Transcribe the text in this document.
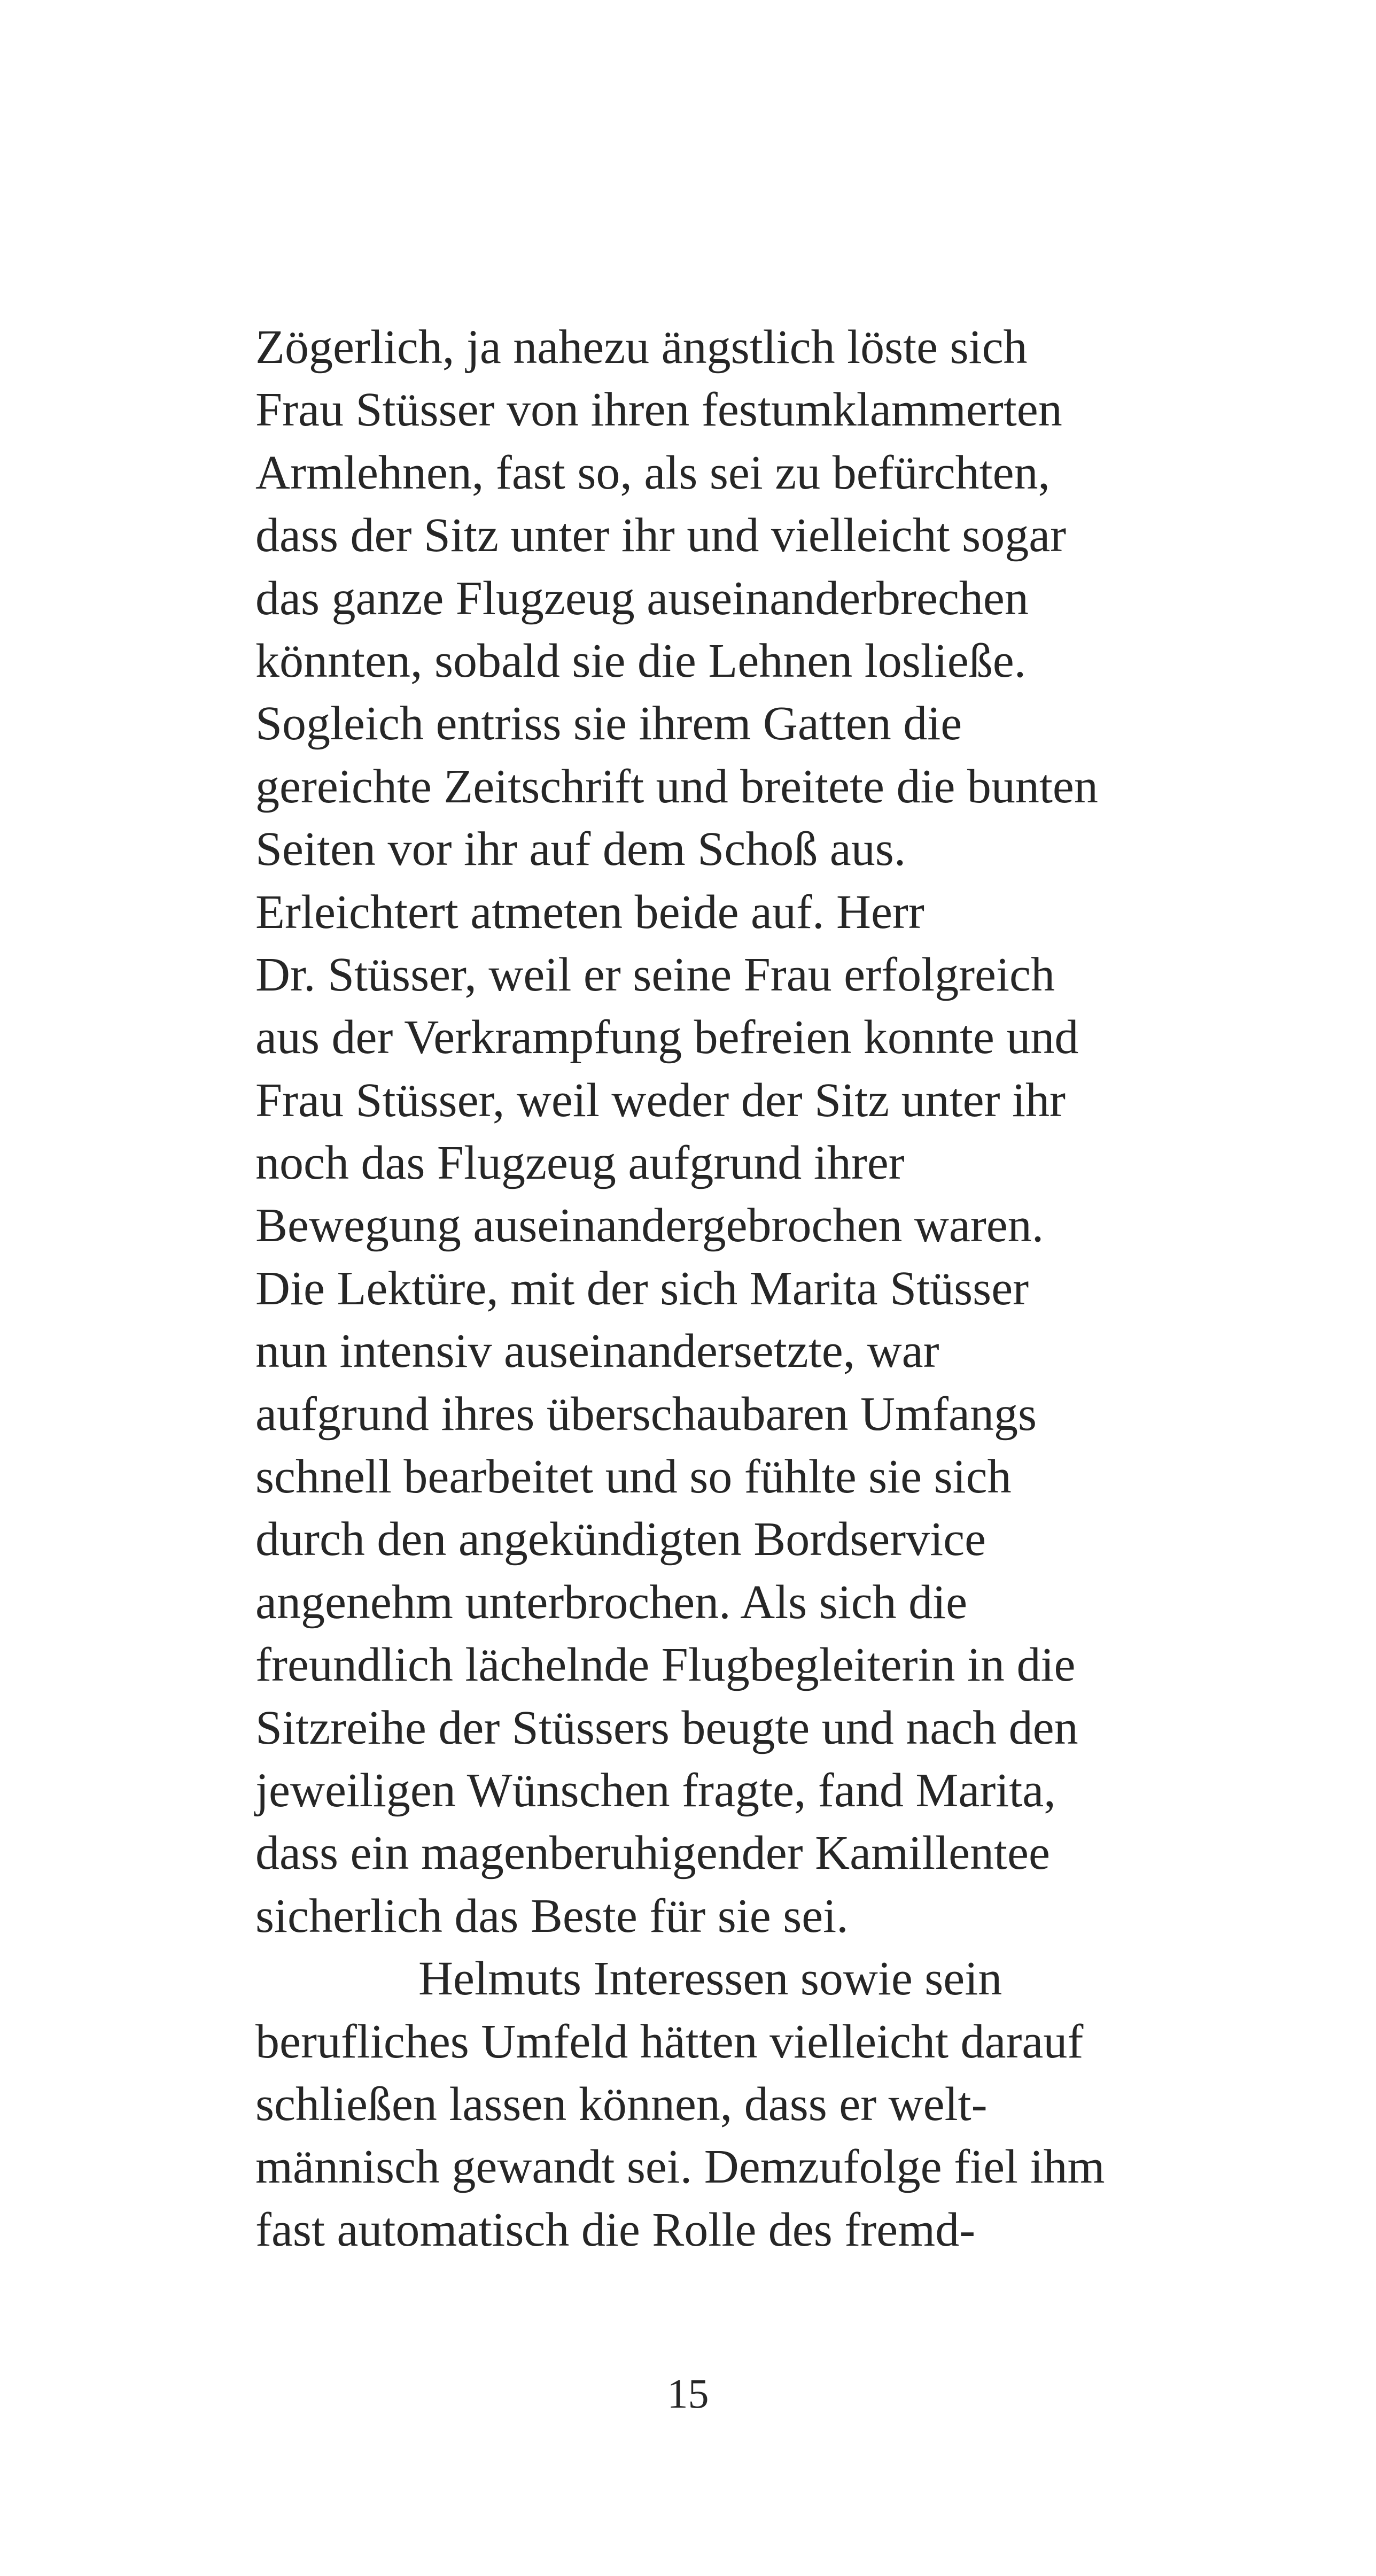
Zögerlich, ja nahezu ängstlich löste sich
Frau Stüsser von ihren festumklammerten
Armlehnen, fast so, als sei zu befürchten,
dass der Sitz unter ihr und vielleicht sogar
das ganze Flugzeug auseinanderbrechen
könnten, sobald sie die Lehnen losließe.
Sogleich entriss sie ihrem Gatten die
gereichte Zeitschrift und breitete die bunten
Seiten vor ihr auf dem Schoß aus.
Erleichtert atmeten beide auf. Herr
Dr. Stüsser, weil er seine Frau erfolgreich
aus der Verkrampfung befreien konnte und
Frau Stüsser, weil weder der Sitz unter ihr
noch das Flugzeug aufgrund ihrer
Bewegung auseinandergebrochen waren.
Die Lektüre, mit der sich Marita Stüsser
nun intensiv auseinandersetzte, war
aufgrund ihres überschaubaren Umfangs
schnell bearbeitet und so fühlte sie sich
durch den angekündigten Bordservice
angenehm unterbrochen. Als sich die
freundlich lächelnde Flugbegleiterin in die
Sitzreihe der Stüssers beugte und nach den
jeweiligen Wünschen fragte, fand Marita,
dass ein magenberuhigender Kamillentee
sicherlich das Beste für sie sei.
Helmuts Interessen sowie sein
berufliches Umfeld hätten vielleicht darauf
schließen lassen können, dass er welt-
männisch gewandt sei. Demzufolge fiel ihm
fast automatisch die Rolle des fremd-
15
